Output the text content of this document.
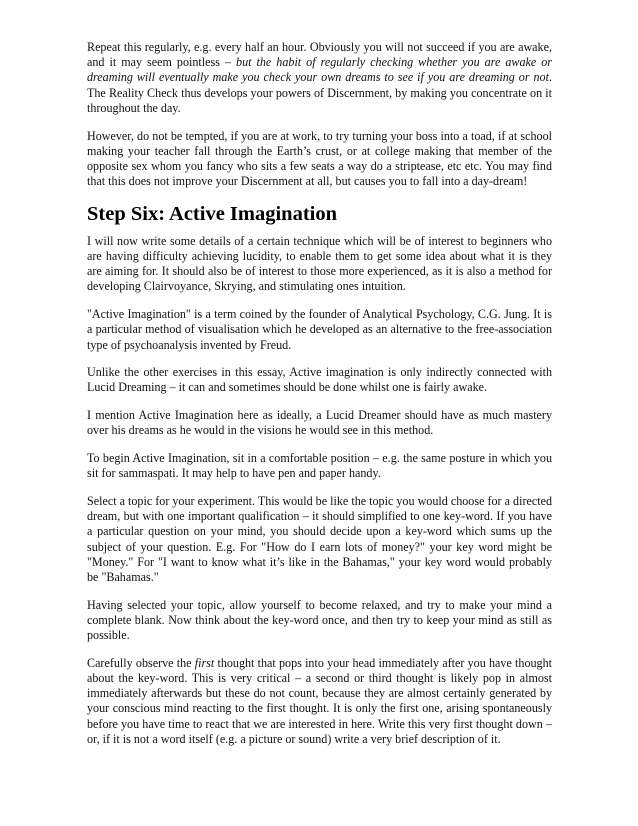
Repeat this regularly, e.g. every half an hour. Obviously you will not succeed if you are awake, and it may seem pointless – but the habit of regularly checking whether you are awake or dreaming will eventually make you check your own dreams to see if you are dreaming or not. The Reality Check thus develops your powers of Discernment, by making you concentrate on it throughout the day.

However, do not be tempted, if you are at work, to try turning your boss into a toad, if at school making your teacher fall through the Earth’s crust, or at college making that member of the opposite sex whom you fancy who sits a few seats a way do a striptease, etc etc. You may find that this does not improve your Discernment at all, but causes you to fall into a day-dream!

Step Six: Active Imagination

I will now write some details of a certain technique which will be of interest to beginners who are having difficulty achieving lucidity, to enable them to get some idea about what it is they are aiming for. It should also be of interest to those more experienced, as it is also a method for developing Clairvoyance, Skrying, and stimulating ones intuition.

"Active Imagination" is a term coined by the founder of Analytical Psychology, C.G. Jung. It is a particular method of visualisation which he developed as an alternative to the free-association type of psychoanalysis invented by Freud.

Unlike the other exercises in this essay, Active imagination is only indirectly connected with Lucid Dreaming – it can and sometimes should be done whilst one is fairly awake.

I mention Active Imagination here as ideally, a Lucid Dreamer should have as much mastery over his dreams as he would in the visions he would see in this method.

To begin Active Imagination, sit in a comfortable position – e.g. the same posture in which you sit for sammaspati. It may help to have pen and paper handy.

Select a topic for your experiment. This would be like the topic you would choose for a directed dream, but with one important qualification – it should simplified to one key-word. If you have a particular question on your mind, you should decide upon a key-word which sums up the subject of your question. E.g. For "How do I earn lots of money?" your key word might be "Money." For "I want to know what it’s like in the Bahamas," your key word would probably be "Bahamas."

Having selected your topic, allow yourself to become relaxed, and try to make your mind a complete blank. Now think about the key-word once, and then try to keep your mind as still as possible.

Carefully observe the first thought that pops into your head immediately after you have thought about the key-word. This is very critical – a second or third thought is likely pop in almost immediately afterwards but these do not count, because they are almost certainly generated by your conscious mind reacting to the first thought. It is only the first one, arising spontaneously before you have time to react that we are interested in here. Write this very first thought down – or, if it is not a word itself (e.g. a picture or sound) write a very brief description of it.
